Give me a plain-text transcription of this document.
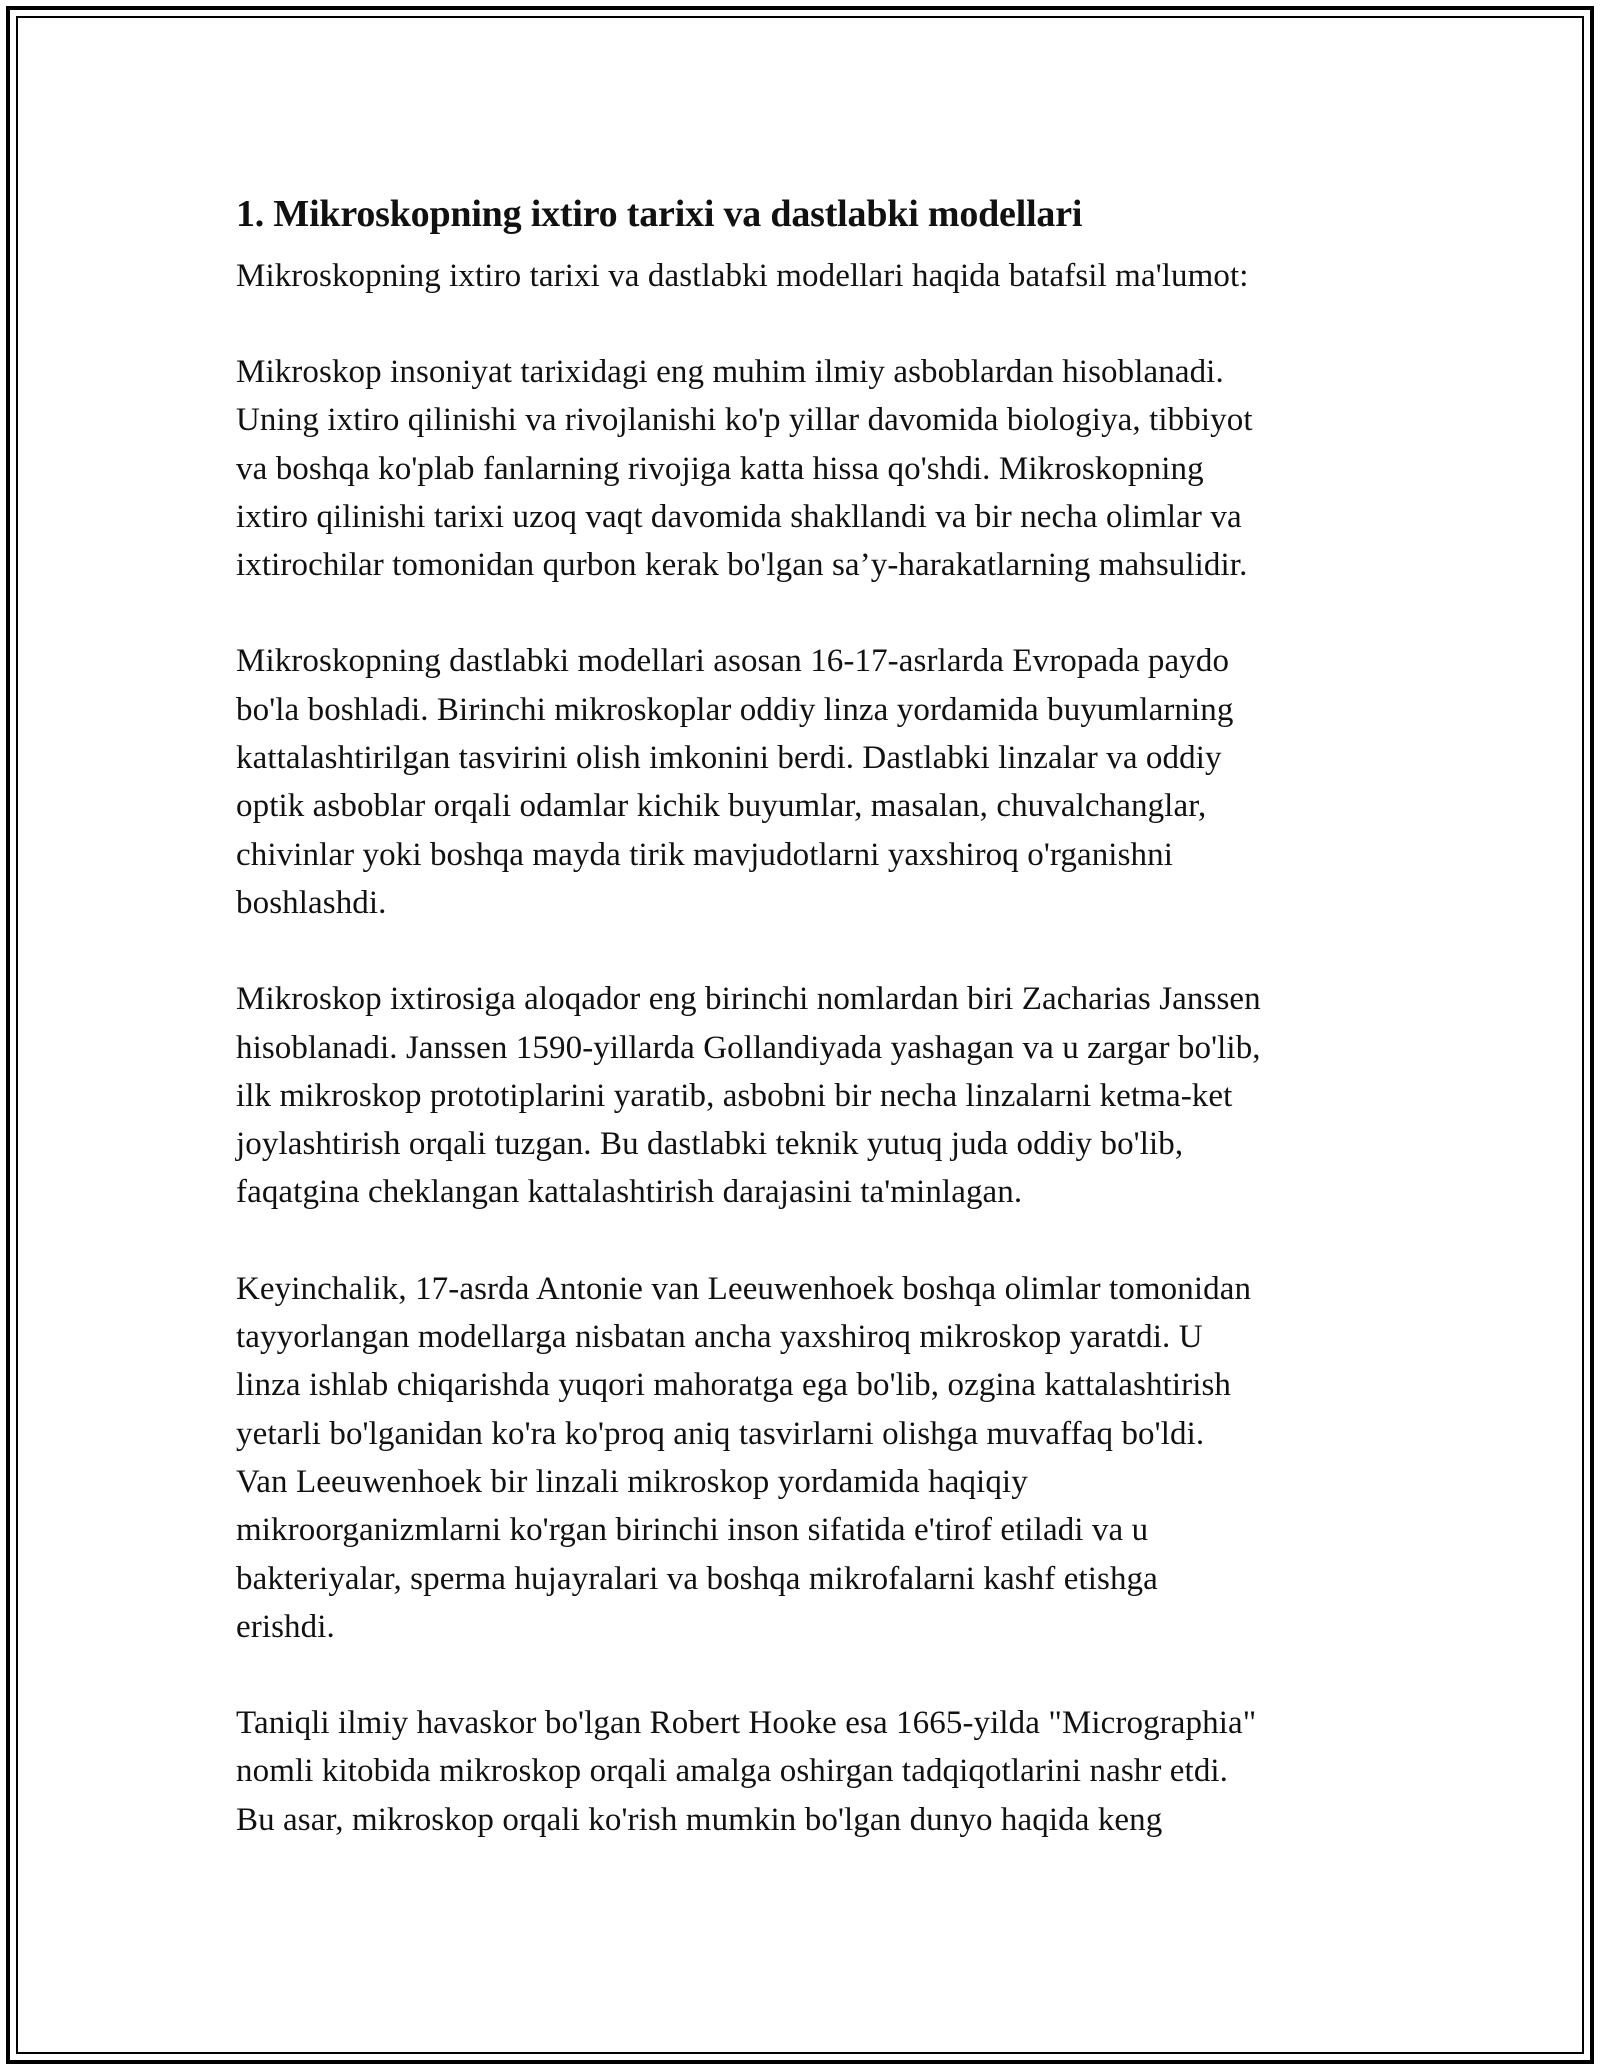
1. Mikroskopning ixtiro tarixi va dastlabki modellari

Mikroskopning ixtiro tarixi va dastlabki modellari haqida batafsil ma'lumot:

Mikroskop insoniyat tarixidagi eng muhim ilmiy asboblardan hisoblanadi.
Uning ixtiro qilinishi va rivojlanishi ko'p yillar davomida biologiya, tibbiyot
va boshqa ko'plab fanlarning rivojiga katta hissa qo'shdi. Mikroskopning
ixtiro qilinishi tarixi uzoq vaqt davomida shakllandi va bir necha olimlar va
ixtirochilar tomonidan qurbon kerak bo'lgan sa’y-harakatlarning mahsulidir.

Mikroskopning dastlabki modellari asosan 16-17-asrlarda Evropada paydo
bo'la boshladi. Birinchi mikroskoplar oddiy linza yordamida buyumlarning
kattalashtirilgan tasvirini olish imkonini berdi. Dastlabki linzalar va oddiy
optik asboblar orqali odamlar kichik buyumlar, masalan, chuvalchanglar,
chivinlar yoki boshqa mayda tirik mavjudotlarni yaxshiroq o'rganishni
boshlashdi.

Mikroskop ixtirosiga aloqador eng birinchi nomlardan biri Zacharias Janssen
hisoblanadi. Janssen 1590-yillarda Gollandiyada yashagan va u zargar bo'lib,
ilk mikroskop prototiplarini yaratib, asbobni bir necha linzalarni ketma-ket
joylashtirish orqali tuzgan. Bu dastlabki teknik yutuq juda oddiy bo'lib,
faqatgina cheklangan kattalashtirish darajasini ta'minlagan.

Keyinchalik, 17-asrda Antonie van Leeuwenhoek boshqa olimlar tomonidan
tayyorlangan modellarga nisbatan ancha yaxshiroq mikroskop yaratdi. U
linza ishlab chiqarishda yuqori mahoratga ega bo'lib, ozgina kattalashtirish
yetarli bo'lganidan ko'ra ko'proq aniq tasvirlarni olishga muvaffaq bo'ldi.
Van Leeuwenhoek bir linzali mikroskop yordamida haqiqiy
mikroorganizmlarni ko'rgan birinchi inson sifatida e'tirof etiladi va u
bakteriyalar, sperma hujayralari va boshqa mikrofalarni kashf etishga
erishdi.

Taniqli ilmiy havaskor bo'lgan Robert Hooke esa 1665-yilda "Micrographia"
nomli kitobida mikroskop orqali amalga oshirgan tadqiqotlarini nashr etdi.
Bu asar, mikroskop orqali ko'rish mumkin bo'lgan dunyo haqida keng
